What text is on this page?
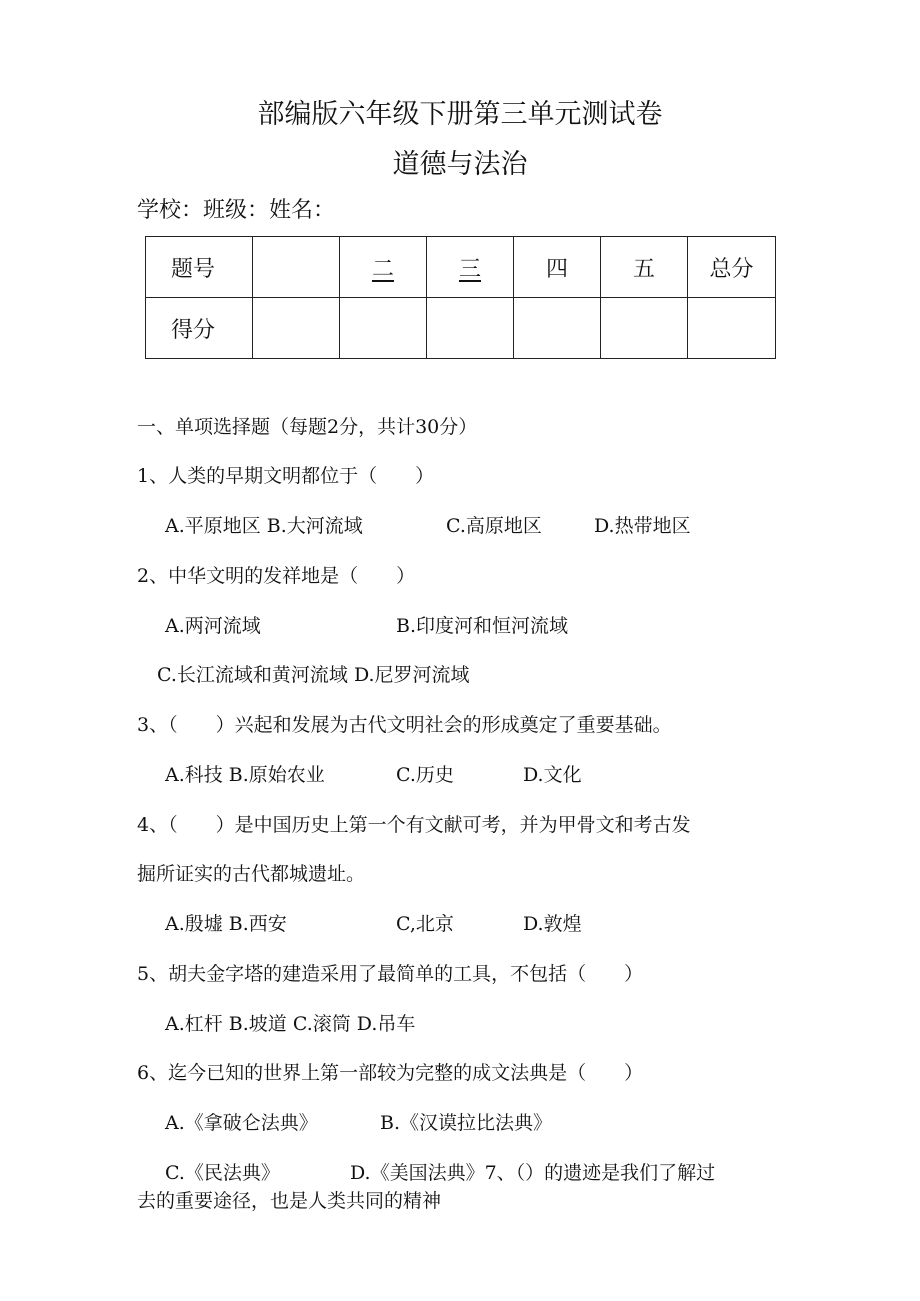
部编版六年级下册第三单元测试卷
道德与法治
学校：班级：姓名：
题号		二	三	四	五	总分
得分						
一、单项选择题（每题2分，共计30分）
1、人类的早期文明都位于（　　）
A.平原地区 B.大河流域	C.高原地区	D.热带地区
2、中华文明的发祥地是（　　）
A.两河流域	B.印度河和恒河流域
C.长江流域和黄河流域 D.尼罗河流域
3、（　　）兴起和发展为古代文明社会的形成奠定了重要基础。
A.科技 B.原始农业	C.历史	D.文化
4、（　　）是中国历史上第一个有文献可考，并为甲骨文和考古发
掘所证实的古代都城遗址。
A.殷墟 B.西安	C,北京	D.敦煌
5、胡夫金字塔的建造采用了最简单的工具，不包括（　　）
A.杠杆 B.坡道 C.滚筒 D.吊车
6、迄今已知的世界上第一部较为完整的成文法典是（　　）
A.《拿破仑法典》	B.《汉谟拉比法典》
C.《民法典》	D.《美国法典》7、（）的遗迹是我们了解过
去的重要途径，也是人类共同的精神
